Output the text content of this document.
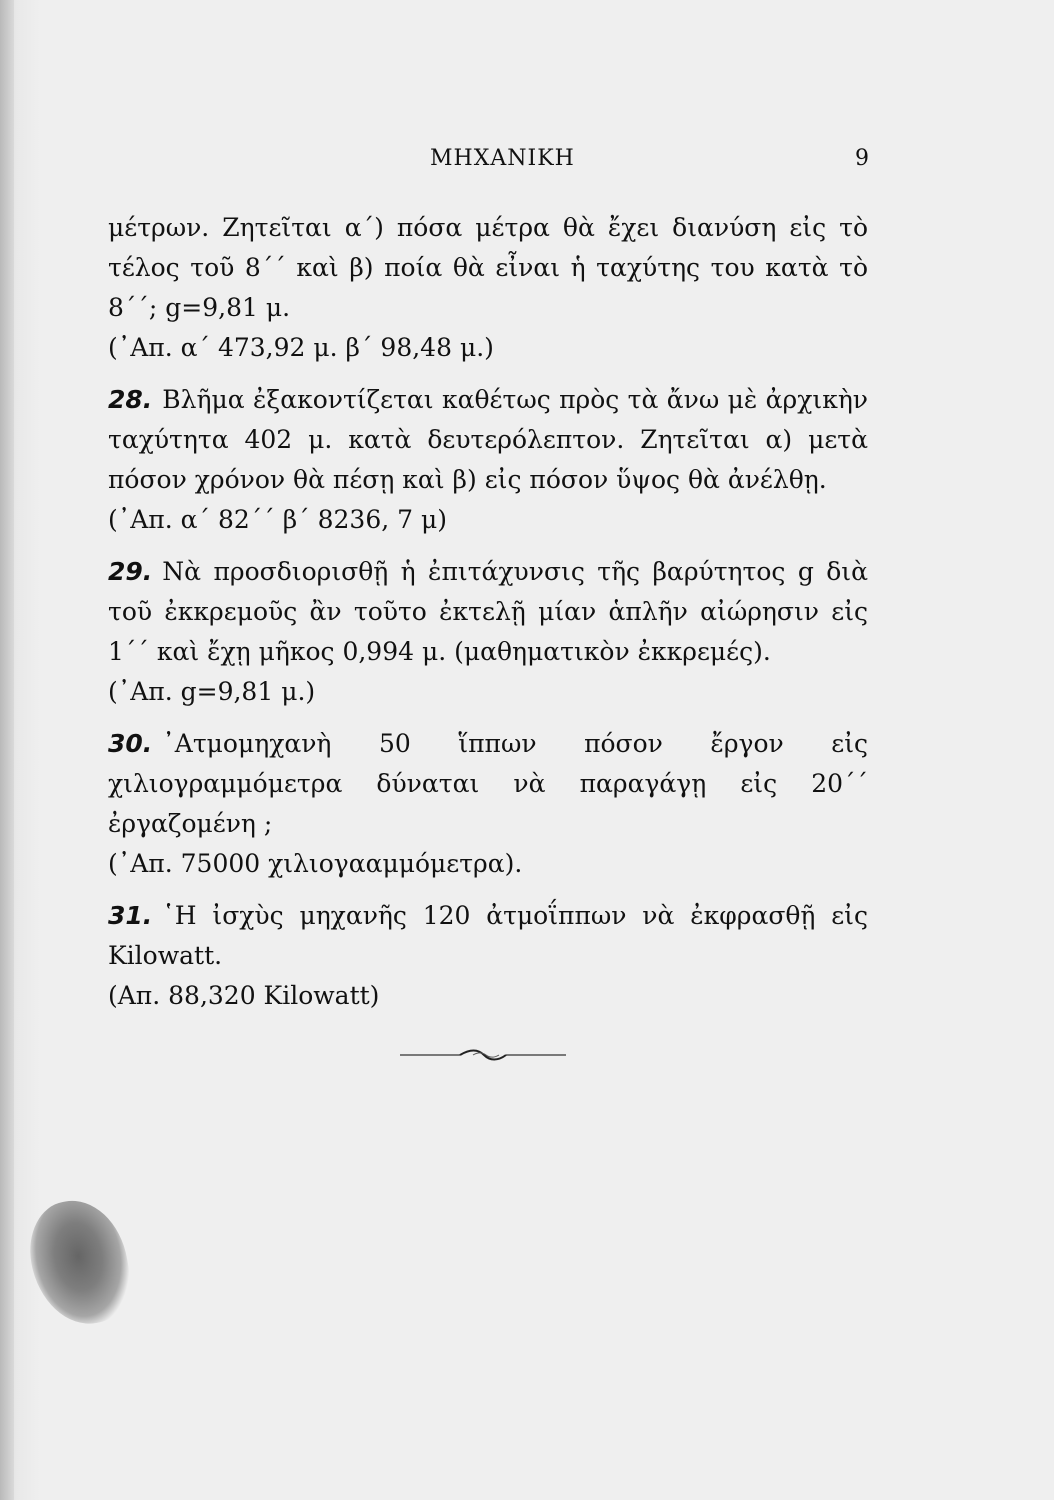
ΜΗΧΑΝΙΚΗ	9

μέτρων. Ζητεῖται α΄) πόσα μέτρα θὰ ἔχει διανύση εἰς τὸ τέλος τοῦ 8΄΄ καὶ β) ποία θὰ εἶναι ἡ ταχύτης του κατὰ τὸ 8΄΄; g=9,81 μ.

(᾿Απ. α΄ 473,92 μ. β΄ 98,48 μ.)

28. Βλῆμα ἐξακοντίζεται καθέτως πρὸς τὰ ἄνω μὲ ἀρχικὴν ταχύτητα 402 μ. κατὰ δευτερόλεπτον. Ζητεῖται α) μετὰ πόσον χρόνον θὰ πέσῃ καὶ β) εἰς πόσον ὕψος θὰ ἀνέλθῃ.

(᾿Απ. α΄ 82΄΄ β΄ 8236, 7 μ)

29. Νὰ προσδιορισθῇ ἡ ἐπιτάχυνσις τῆς βαρύτητος g διὰ τοῦ ἐκκρεμοῦς ἂν τοῦτο ἐκτελῇ μίαν ἁπλῆν αἰώρησιν εἰς 1΄΄ καὶ ἔχῃ μῆκος 0,994 μ. (μαθηματικὸν ἐκκρεμές).

(᾿Απ. g=9,81 μ.)

30. ᾿Ατμομηχανὴ 50 ἵππων πόσον ἔργον εἰς χιλιογραμμόμετρα δύναται νὰ παραγάγῃ εἰς 20΄΄ ἐργαζομένη ;

(᾿Απ. 75000 χιλιογααμμόμετρα).

31. ῾Η ἰσχὺς μηχανῆς 120 ἀτμοΐππων νὰ ἐκφρασθῇ εἰς Kilowatt.

(Απ. 88,320 Kilowatt)
